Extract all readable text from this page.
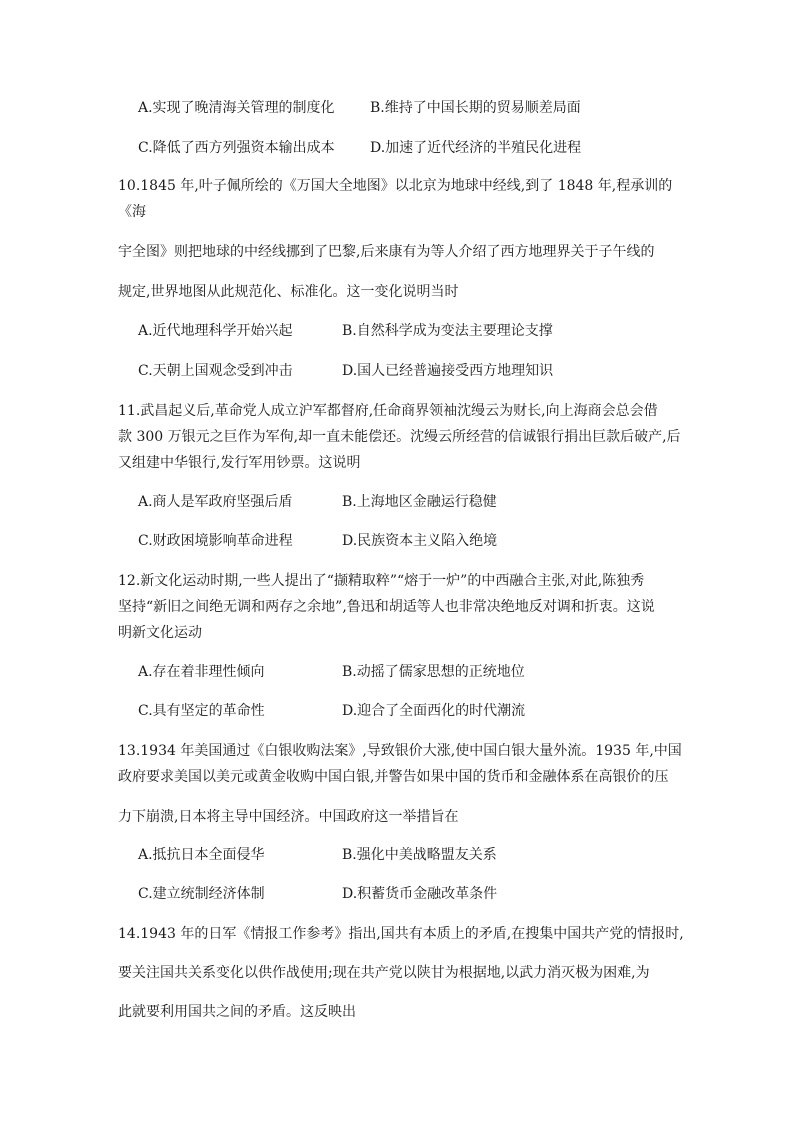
A.实现了晚清海关管理的制度化	B.维持了中国长期的贸易顺差局面
C.降低了西方列强资本输出成本	D.加速了近代经济的半殖民化进程
10.1845 年,叶子佩所绘的《万国大全地图》以北京为地球中经线,到了 1848 年,程承训的
《海
宇全图》则把地球的中经线挪到了巴黎,后来康有为等人介绍了西方地理界关于子午线的
规定,世界地图从此规范化、标准化。这一变化说明当时
A.近代地理科学开始兴起	B.自然科学成为变法主要理论支撑
C.天朝上国观念受到冲击	D.国人已经普遍接受西方地理知识
11.武昌起义后,革命党人成立沪军都督府,任命商界领袖沈缦云为财长,向上海商会总会借
款 300 万银元之巨作为军佝,却一直未能偿还。沈缦云所经营的信诚银行捐出巨款后破产,后
又组建中华银行,发行军用钞票。这说明
A.商人是军政府坚强后盾	B.上海地区金融运行稳健
C.财政困境影响革命进程	D.民族资本主义陷入绝境
12.新文化运动时期,一些人提出了“撷精取粹”“熔于一炉”的中西融合主张,对此,陈独秀
坚持“新旧之间绝无调和两存之余地”,鲁迅和胡适等人也非常决绝地反对调和折衷。这说
明新文化运动
A.存在着非理性倾向	B.动摇了儒家思想的正统地位
C.具有坚定的革命性	D.迎合了全面西化的时代潮流
13.1934 年美国通过《白银收购法案》,导致银价大涨,使中国白银大量外流。1935 年,中国
政府要求美国以美元或黄金收购中国白银,并警告如果中国的货币和金融体系在高银价的压
力下崩溃,日本将主导中国经济。中国政府这一举措旨在
A.抵抗日本全面侵华	B.强化中美战略盟友关系
C.建立统制经济体制	D.积蓄货币金融改革条件
14.1943 年的日军《情报工作参考》指出,国共有本质上的矛盾,在搜集中国共产党的情报时,
要关注国共关系变化以供作战使用;现在共产党以陕甘为根据地,以武力消灭极为困难,为
此就要利用国共之间的矛盾。这反映出
